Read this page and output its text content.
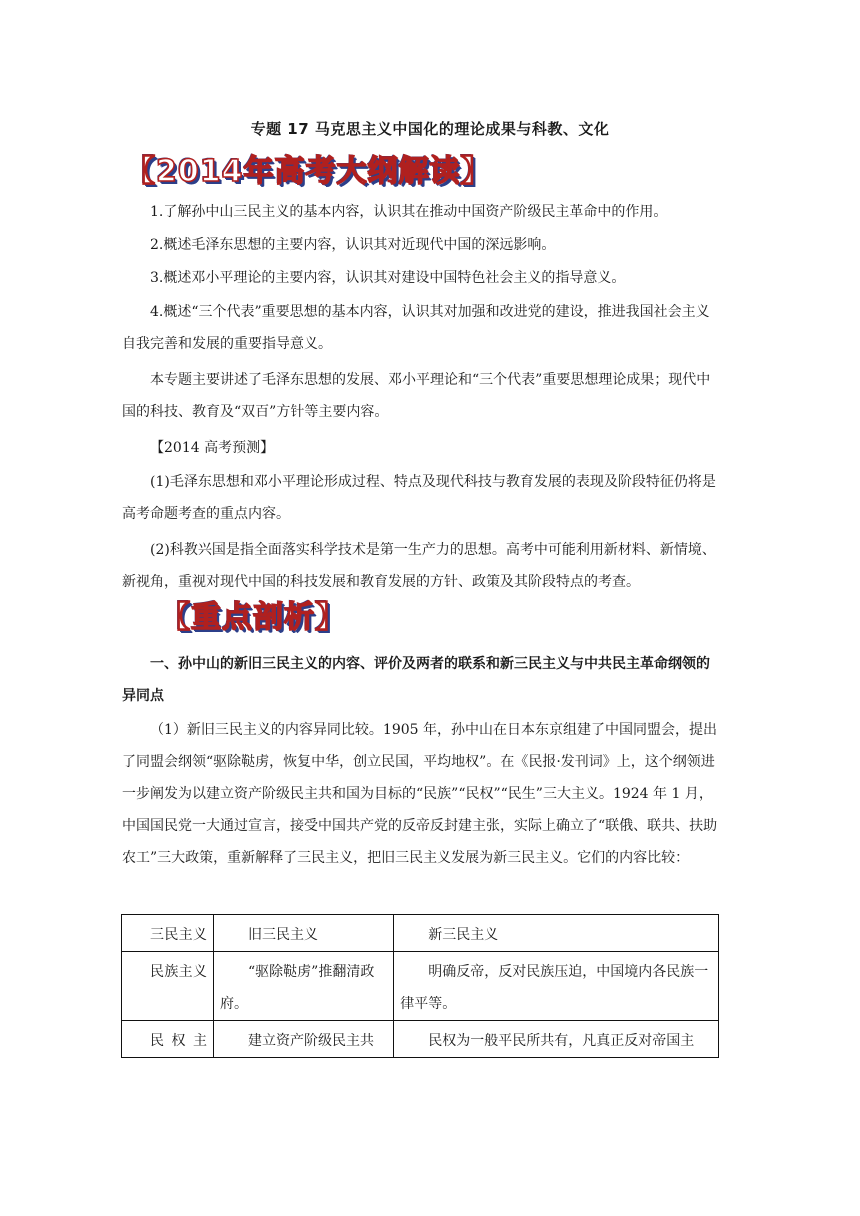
专题 17 马克思主义中国化的理论成果与科教、文化
【2014年高考大纲解读】

1.了解孙中山三民主义的基本内容，认识其在推动中国资产阶级民主革命中的作用。

2.概述毛泽东思想的主要内容，认识其对近现代中国的深远影响。

3.概述邓小平理论的主要内容，认识其对建设中国特色社会主义的指导意义。

4.概述“三个代表”重要思想的基本内容，认识其对加强和改进党的建设，推进我国社会主义自我完善和发展的重要指导意义。

本专题主要讲述了毛泽东思想的发展、邓小平理论和“三个代表”重要思想理论成果；现代中国的科技、教育及“双百”方针等主要内容。

【2014 高考预测】

(1)毛泽东思想和邓小平理论形成过程、特点及现代科技与教育发展的表现及阶段特征仍将是高考命题考查的重点内容。

(2)科教兴国是指全面落实科学技术是第一生产力的思想。高考中可能利用新材料、新情境、新视角，重视对现代中国的科技发展和教育发展的方针、政策及其阶段特点的考查。

【重点剖析】

一、孙中山的新旧三民主义的内容、评价及两者的联系和新三民主义与中共民主革命纲领的异同点

（1）新旧三民主义的内容异同比较。1905 年，孙中山在日本东京组建了中国同盟会，提出了同盟会纲领“驱除鞑虏，恢复中华，创立民国，平均地权”。在《民报·发刊词》上，这个纲领进一步阐发为以建立资产阶级民主共和国为目标的“民族”“民权”“民生”三大主义。1924 年 1 月，中国国民党一大通过宣言，接受中国共产党的反帝反封建主张，实际上确立了“联俄、联共、扶助农工”三大政策，重新解释了三民主义，把旧三民主义发展为新三民主义。它们的内容比较：

三民主义	旧三民主义	新三民主义
民族主义	“驱除鞑虏”推翻清政府。	明确反帝，反对民族压迫，中国境内各民族一律平等。
民权主	建立资产阶级民主共	民权为一般平民所共有，凡真正反对帝国主
